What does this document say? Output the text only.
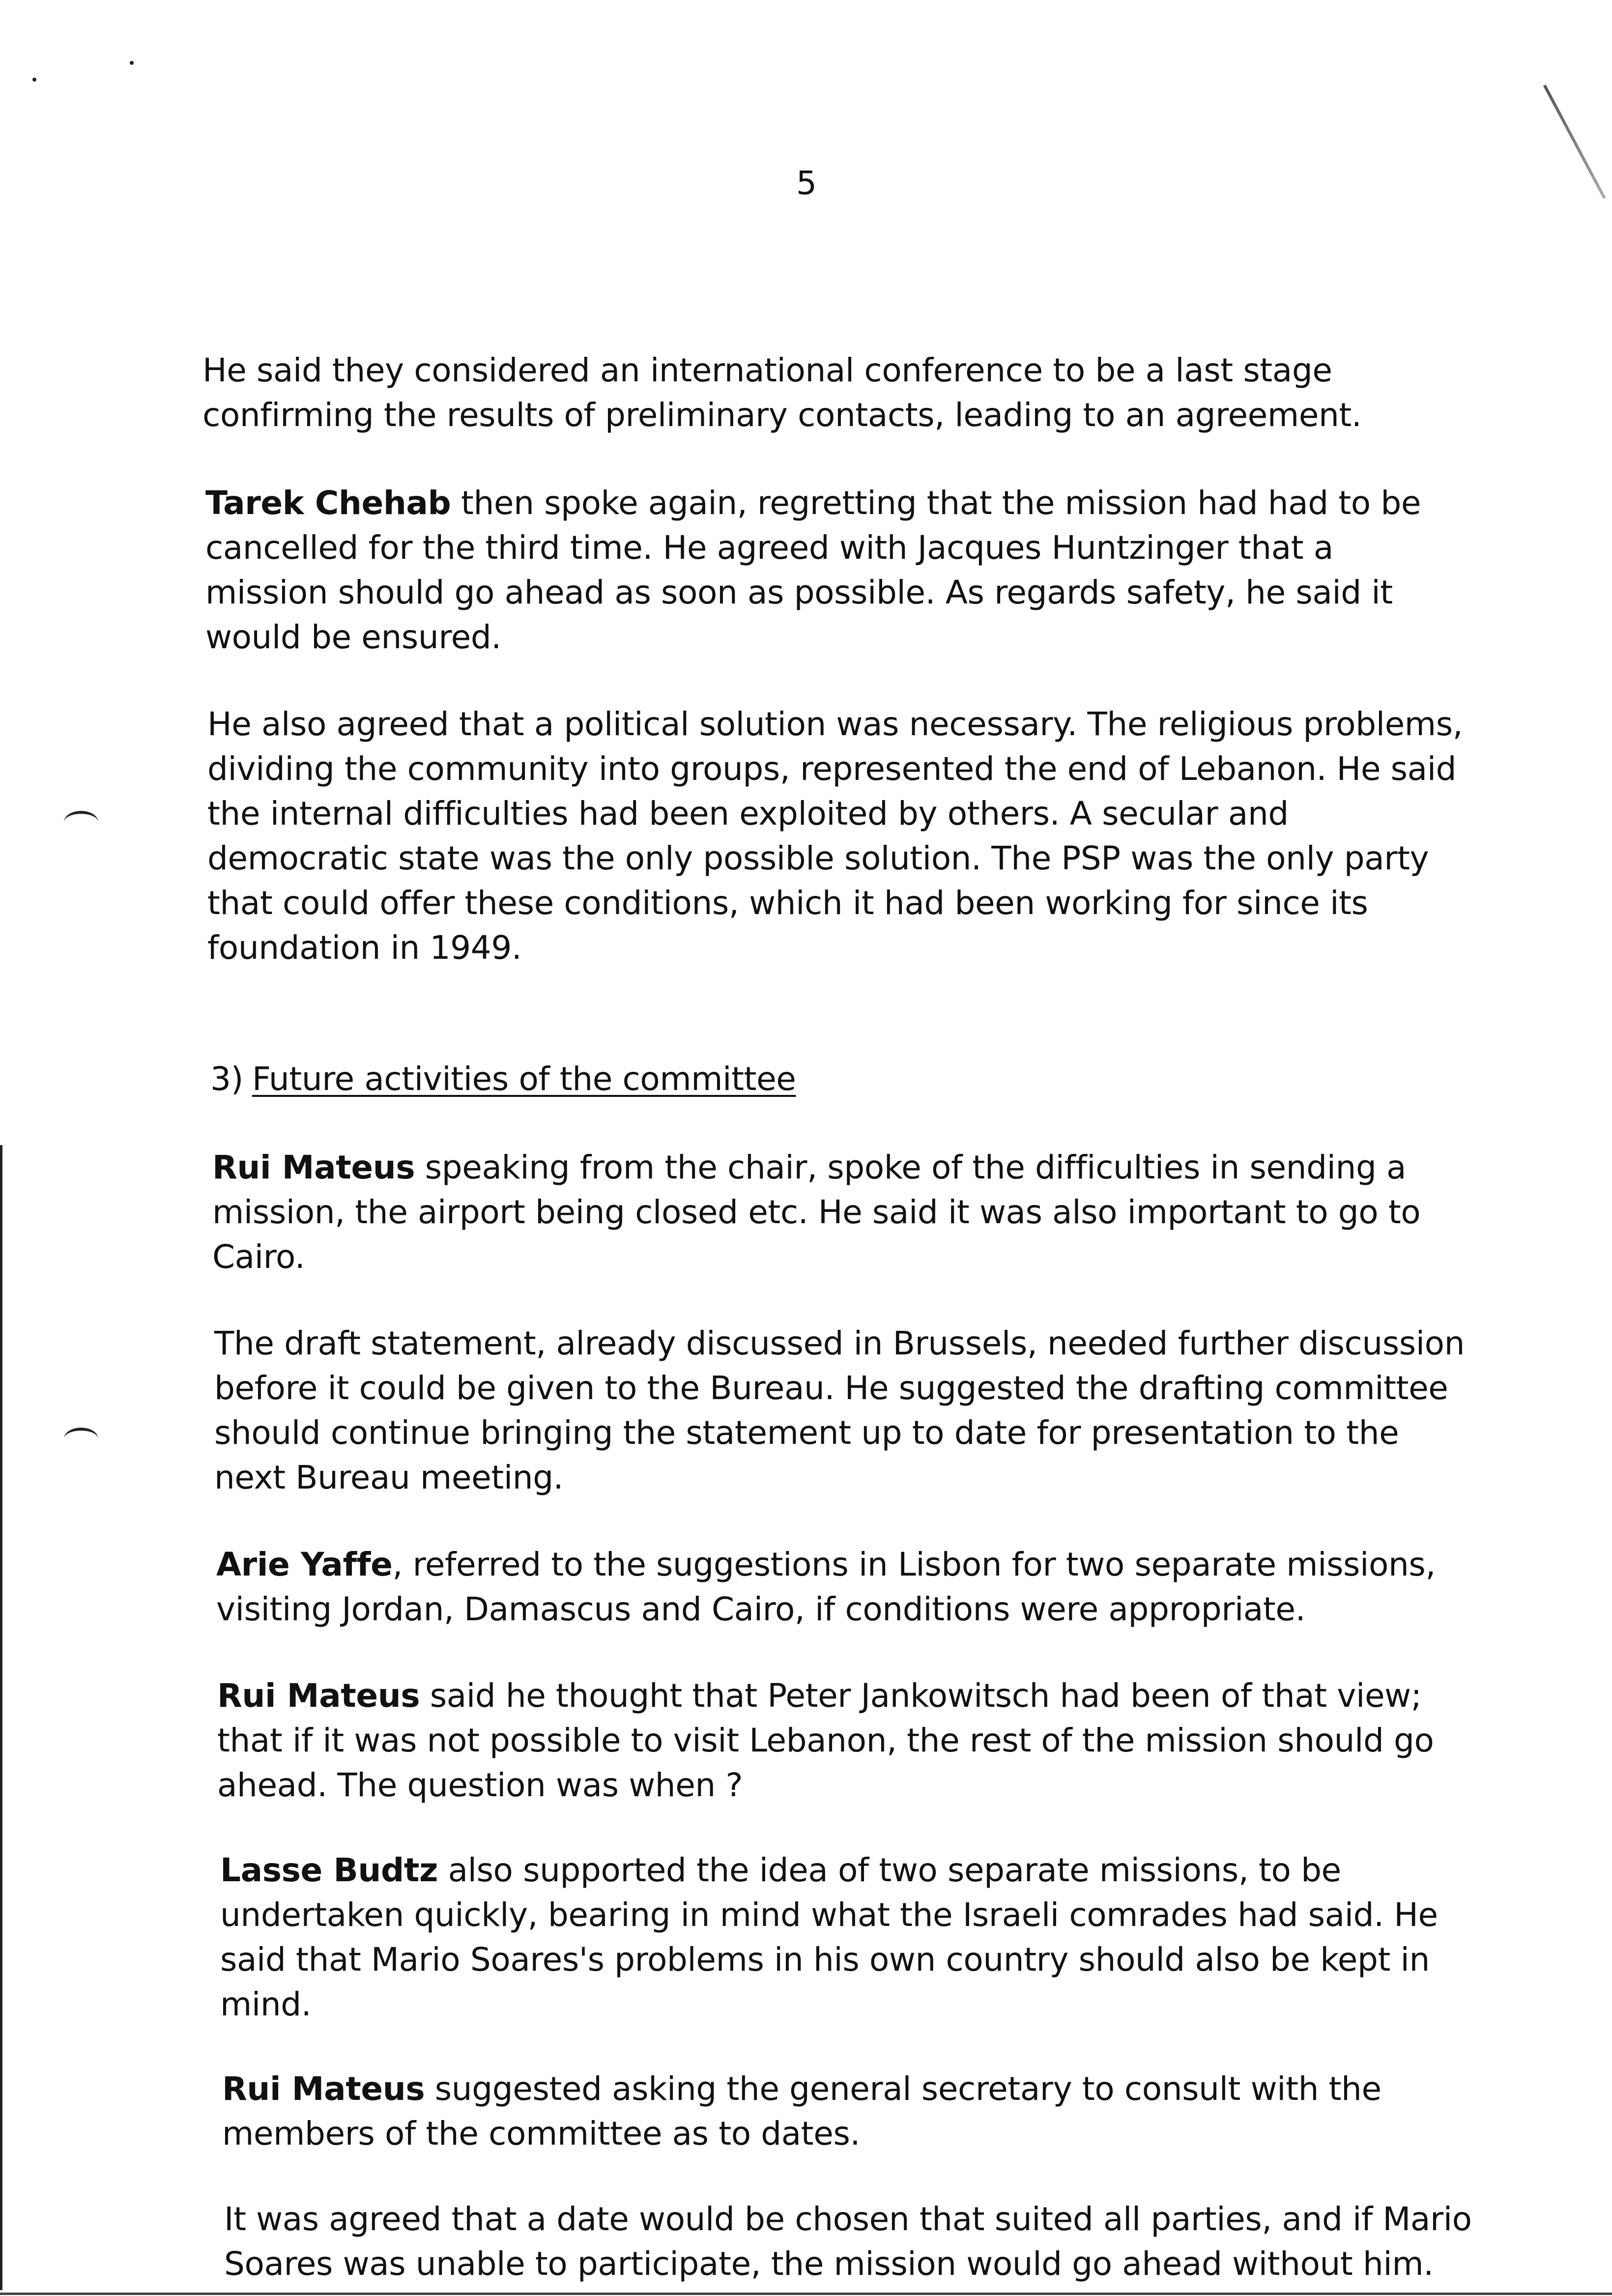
5

He said they considered an international conference to be a last stage confirming the results of preliminary contacts, leading to an agreement.

Tarek Chehab then spoke again, regretting that the mission had had to be cancelled for the third time. He agreed with Jacques Huntzinger that a mission should go ahead as soon as possible. As regards safety, he said it would be ensured.

He also agreed that a political solution was necessary. The religious problems, dividing the community into groups, represented the end of Lebanon. He said the internal difficulties had been exploited by others. A secular and democratic state was the only possible solution. The PSP was the only party that could offer these conditions, which it had been working for since its foundation in 1949.

3) Future activities of the committee

Rui Mateus speaking from the chair, spoke of the difficulties in sending a mission, the airport being closed etc. He said it was also important to go to Cairo.

The draft statement, already discussed in Brussels, needed further discussion before it could be given to the Bureau. He suggested the drafting committee should continue bringing the statement up to date for presentation to the next Bureau meeting.

Arie Yaffe, referred to the suggestions in Lisbon for two separate missions, visiting Jordan, Damascus and Cairo, if conditions were appropriate.

Rui Mateus said he thought that Peter Jankowitsch had been of that view; that if it was not possible to visit Lebanon, the rest of the mission should go ahead. The question was when ?

Lasse Budtz also supported the idea of two separate missions, to be undertaken quickly, bearing in mind what the Israeli comrades had said. He said that Mario Soares's problems in his own country should also be kept in mind.

Rui Mateus suggested asking the general secretary to consult with the members of the committee as to dates.

It was agreed that a date would be chosen that suited all parties, and if Mario Soares was unable to participate, the mission would go ahead without him.
